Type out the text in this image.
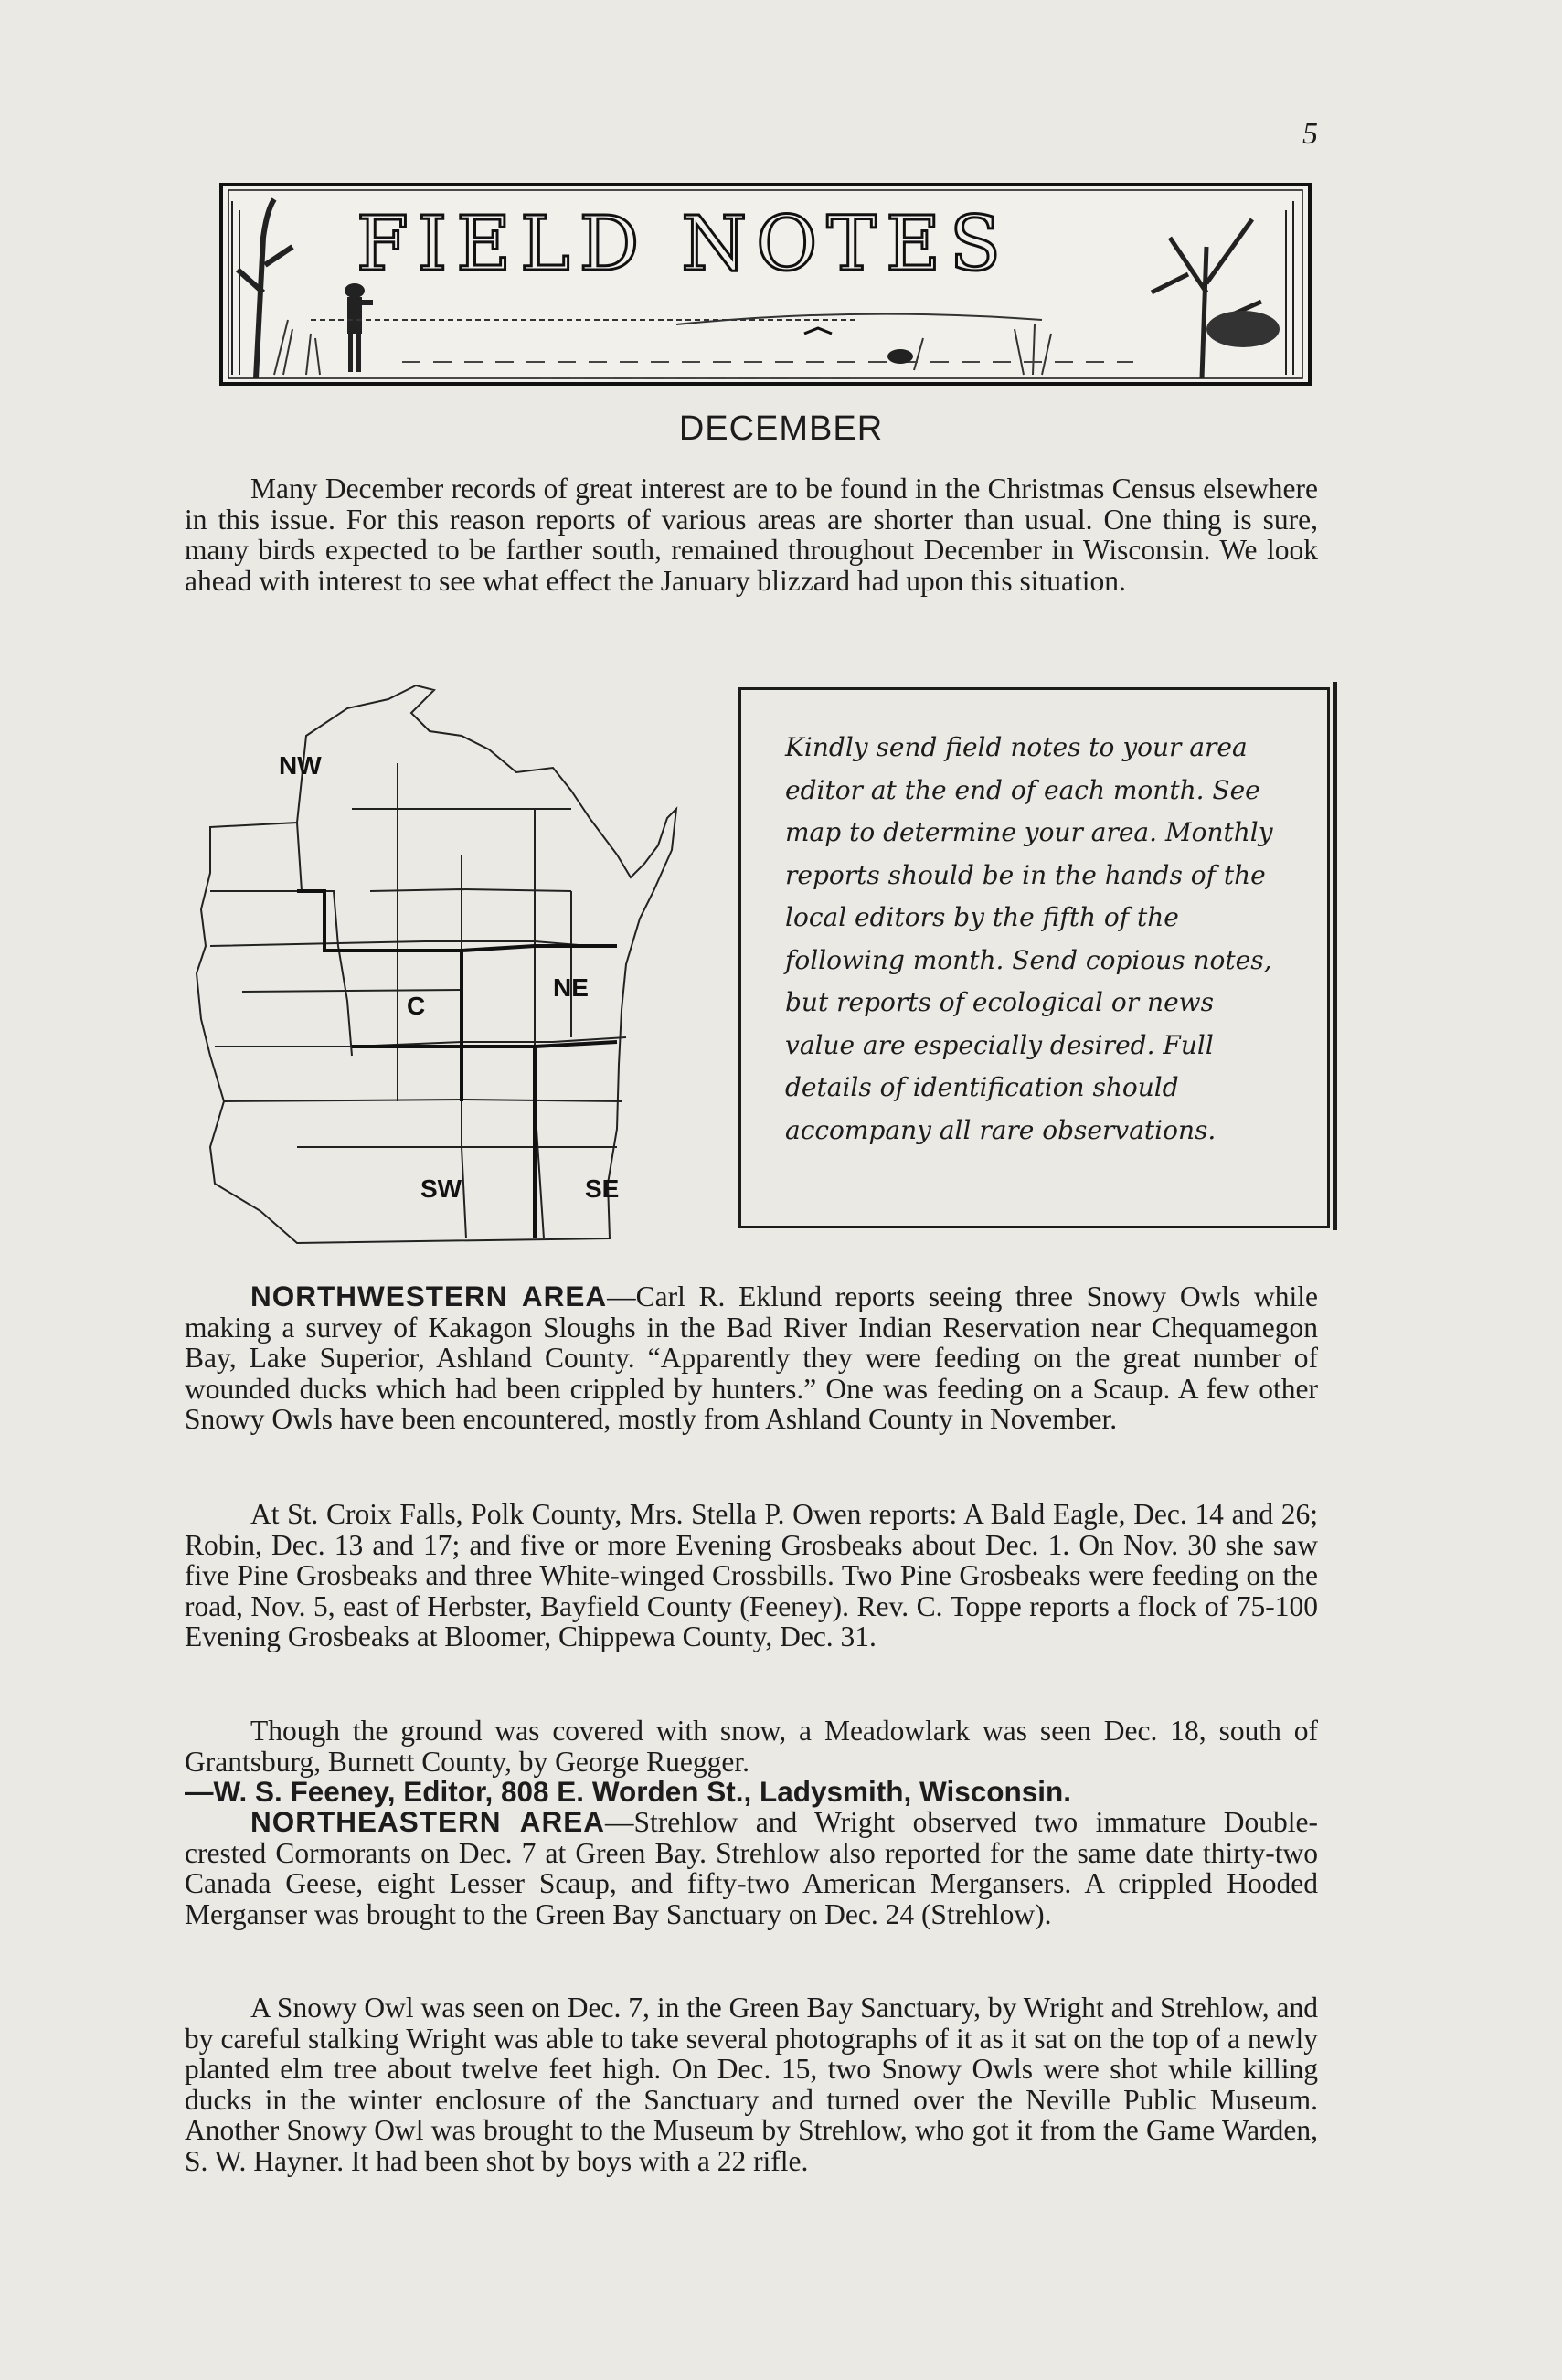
5
FIELD NOTES
DECEMBER

Many December records of great interest are to be found in the Christmas Census elsewhere in this issue. For this reason reports of various areas are shorter than usual. One thing is sure, many birds expected to be farther south, remained throughout December in Wisconsin. We look ahead with interest to see what effect the January blizzard had upon this situation.

NW
NE
C
SW	SE

Kindly send field notes to your area editor at the end of each month. See map to determine your area. Monthly reports should be in the hands of the local editors by the fifth of the following month. Send copious notes, but reports of ecological or news value are especially desired. Full details of identification should accompany all rare observations.

NORTHWESTERN AREA—Carl R. Eklund reports seeing three Snowy Owls while making a survey of Kakagon Sloughs in the Bad River Indian Reservation near Chequamegon Bay, Lake Superior, Ashland County. “Apparently they were feeding on the great number of wounded ducks which had been crippled by hunters.” One was feeding on a Scaup. A few other Snowy Owls have been encountered, mostly from Ashland County in November.

At St. Croix Falls, Polk County, Mrs. Stella P. Owen reports: A Bald Eagle, Dec. 14 and 26; Robin, Dec. 13 and 17; and five or more Evening Grosbeaks about Dec. 1. On Nov. 30 she saw five Pine Grosbeaks and three White-winged Crossbills. Two Pine Grosbeaks were feeding on the road, Nov. 5, east of Herbster, Bayfield County (Feeney). Rev. C. Toppe reports a flock of 75-100 Evening Grosbeaks at Bloomer, Chippewa County, Dec. 31.

Though the ground was covered with snow, a Meadowlark was seen Dec. 18, south of Grantsburg, Burnett County, by George Ruegger.

—W. S. Feeney, Editor, 808 E. Worden St., Ladysmith, Wisconsin.

NORTHEASTERN AREA—Strehlow and Wright observed two immature Double-crested Cormorants on Dec. 7 at Green Bay. Strehlow also reported for the same date thirty-two Canada Geese, eight Lesser Scaup, and fifty-two American Mergansers. A crippled Hooded Merganser was brought to the Green Bay Sanctuary on Dec. 24 (Strehlow).

A Snowy Owl was seen on Dec. 7, in the Green Bay Sanctuary, by Wright and Strehlow, and by careful stalking Wright was able to take several photographs of it as it sat on the top of a newly planted elm tree about twelve feet high. On Dec. 15, two Snowy Owls were shot while killing ducks in the winter enclosure of the Sanctuary and turned over the Neville Public Museum. Another Snowy Owl was brought to the Museum by Strehlow, who got it from the Game Warden, S. W. Hayner. It had been shot by boys with a 22 rifle.
